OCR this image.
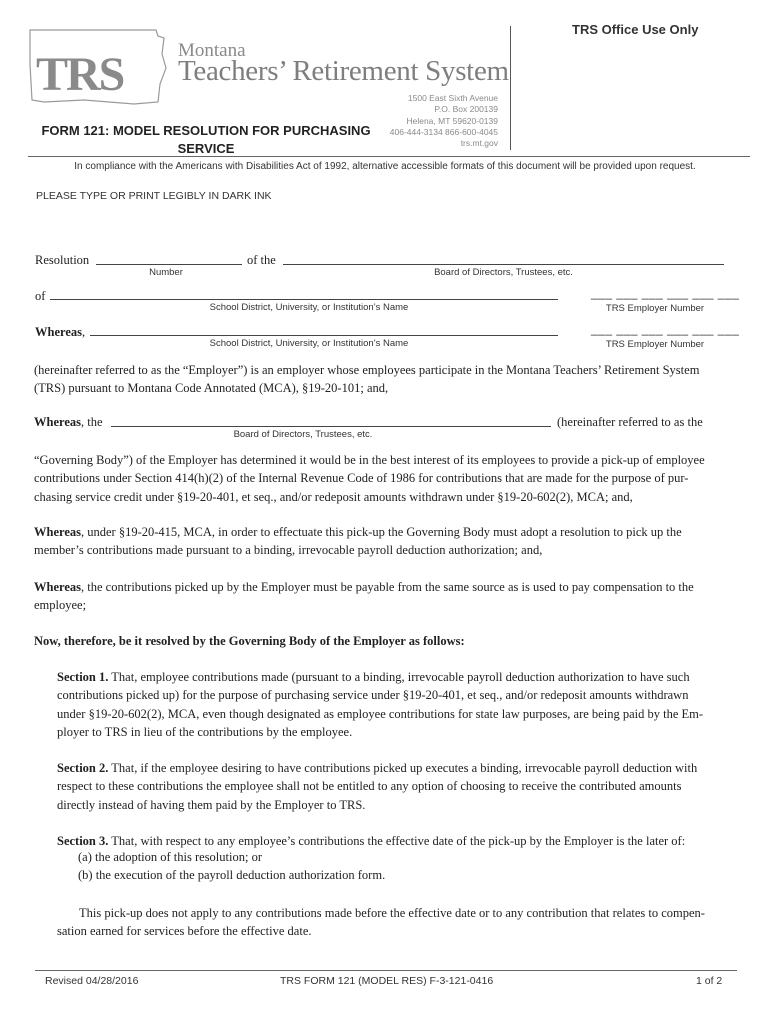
TRS Office Use Only
TRS	Montana
Teachers’ Retirement System
1500 East Sixth Avenue
P.O. Box 200139
Helena, MT 59620-0139
406-444-3134 866-600-4045
trs.mt.gov
FORM 121: MODEL RESOLUTION FOR PURCHASING
SERVICE
In compliance with the Americans with Disabilities Act of 1992, alternative accessible formats of this document will be provided upon request.
PLEASE TYPE OR PRINT LEGIBLY IN DARK INK
Resolution
Number
of the
Board of Directors, Trustees, etc.
of
School District, University, or Institution’s Name
___ ___ ___ ___ ___ ___
TRS Employer Number
Whereas,
School District, University, or Institution’s Name
___ ___ ___ ___ ___ ___
TRS Employer Number
(hereinafter referred to as the “Employer”) is an employer whose employees participate in the Montana Teachers’ Retirement System
(TRS) pursuant to Montana Code Annotated (MCA), §19-20-101; and,
Whereas, the
Board of Directors, Trustees, etc.
(hereinafter referred to as the
“Governing Body”) of the Employer has determined it would be in the best interest of its employees to provide a pick-up of employee
contributions under Section 414(h)(2) of the Internal Revenue Code of 1986 for contributions that are made for the purpose of pur-
chasing service credit under §19-20-401, et seq., and/or redeposit amounts withdrawn under §19-20-602(2), MCA; and,
Whereas, under §19-20-415, MCA, in order to effectuate this pick-up the Governing Body must adopt a resolution to pick up the
member’s contributions made pursuant to a binding, irrevocable payroll deduction authorization; and,
Whereas, the contributions picked up by the Employer must be payable from the same source as is used to pay compensation to the
employee;
Now, therefore, be it resolved by the Governing Body of the Employer as follows:
Section 1. That, employee contributions made (pursuant to a binding, irrevocable payroll deduction authorization to have such
contributions picked up) for the purpose of purchasing service under §19-20-401, et seq., and/or redeposit amounts withdrawn
under §19-20-602(2), MCA, even though designated as employee contributions for state law purposes, are being paid by the Em-
ployer to TRS in lieu of the contributions by the employee.
Section 2. That, if the employee desiring to have contributions picked up executes a binding, irrevocable payroll deduction with
respect to these contributions the employee shall not be entitled to any option of choosing to receive the contributed amounts
directly instead of having them paid by the Employer to TRS.
Section 3. That, with respect to any employee’s contributions the effective date of the pick-up by the Employer is the later of:
(a) the adoption of this resolution; or
(b) the execution of the payroll deduction authorization form.
This pick-up does not apply to any contributions made before the effective date or to any contribution that relates to compen-
sation earned for services before the effective date.
Revised 04/28/2016	TRS FORM 121 (MODEL RES) F-3-121-0416	1 of 2
